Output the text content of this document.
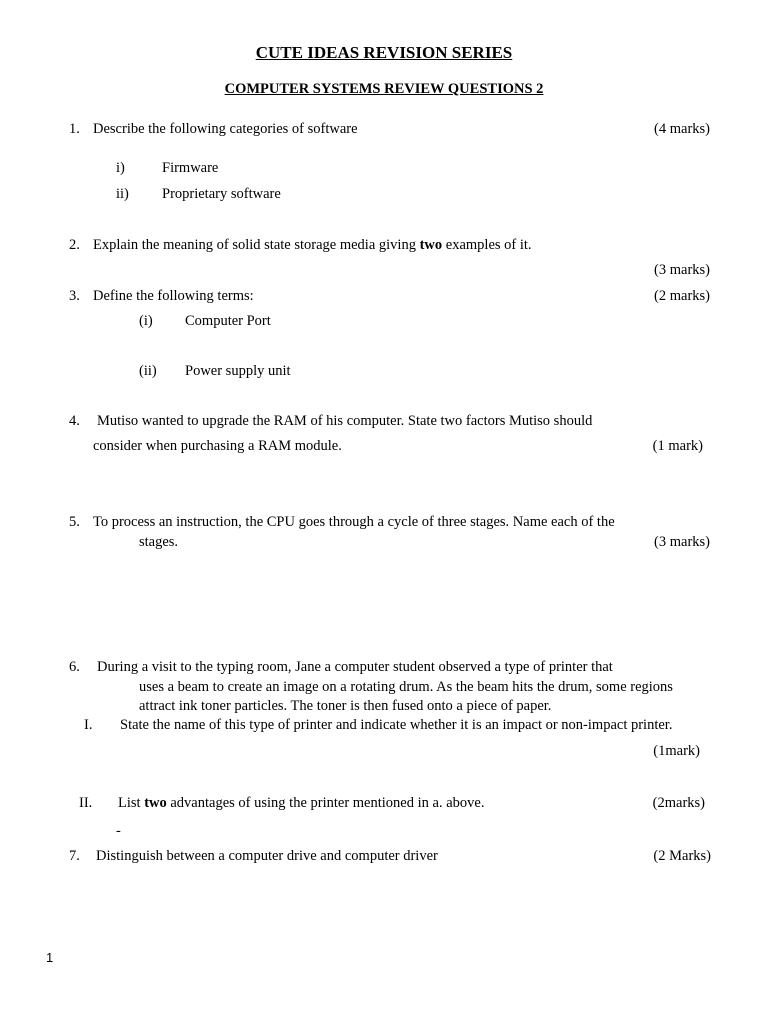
CUTE IDEAS REVISION SERIES
COMPUTER SYSTEMS REVIEW QUESTIONS 2
1. Describe the following categories of software	(4 marks)
i)	Firmware
ii) Proprietary software
2. Explain the meaning of solid state storage media giving two examples of it.
(3 marks)
3. Define the following terms:	(2 marks)
(i) Computer Port
(ii) Power supply unit
4. Mutiso wanted to upgrade the RAM of his computer. State two factors Mutiso should
consider when purchasing a RAM module.	(1 mark)
5. To process an instruction, the CPU goes through a cycle of three stages. Name each of the
stages.	(3 marks)
6. During a visit to the typing room, Jane a computer student observed a type of printer that
uses a beam to create an image on a rotating drum. As the beam hits the drum, some regions
attract ink toner particles. The toner is then fused onto a piece of paper.
I. State the name of this type of printer and indicate whether it is an impact or non-impact printer.
(1mark)
II. List two advantages of using the printer mentioned in a. above.	(2marks)
-
7. Distinguish between a computer drive and computer driver	(2 Marks)
1
